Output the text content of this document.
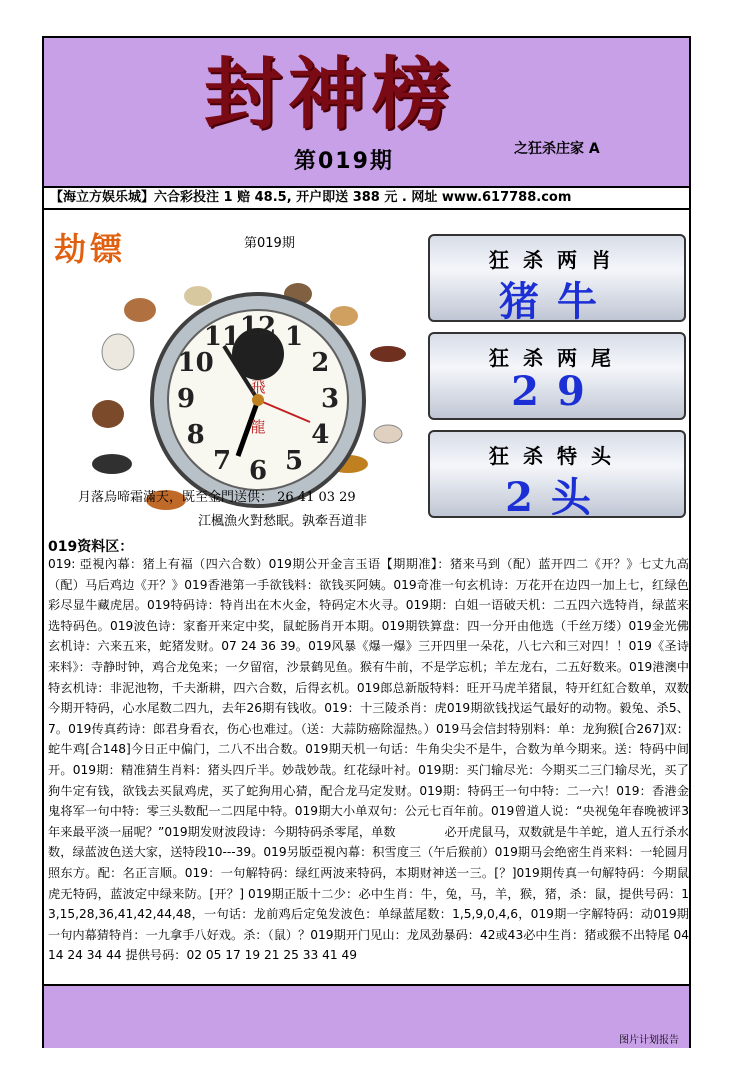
封神榜
第019期	之狂杀庄家 A
【海立方娱乐城】六合彩投注 1 赔 48.5, 开户即送 388 元 . 网址 www.617788.com
劫镖	第019期
12 1
2
3
4
5
6
7
8
9
10
11
飛
龍
月落烏啼霜滿天，既至金門送供： 26 41 03 29
江楓漁火對愁眠。孰牽吾道非
狂杀两肖
猪牛
狂杀两尾
29
狂杀特头
2头
019资料区：
019: 亞視內幕：猪上有福（四六合数）019期公开金言玉语【期期准】：猪来马到（配）蓝开四二《开？》七丈九高（配）马后鸡边《开？》019香港第一手欲钱料：欲钱买阿姨。019奇准一句玄机诗：万花开在边四一加上七，红绿色彩尽显牛藏虎居。019特码诗：特肖出在木火金，特码定木火寻。019期：白姐一语破天机：二五四六选特肖，绿蓝来选特码色。019波色诗：家畜开来定中奖，鼠蛇肠肖开本期。019期铁算盘：四一分开由他选（千丝万缕）019金光佛玄机诗：六来五来，蛇猪发财。07 24 36 39。019风暴《爆一爆》三开四里一朵花，八七六和三对四！！019《圣诗来料》：寺静时钟，鸡合龙兔来；一夕留宿，沙景鹤见鱼。猴有牛前，不是学忘机；羊左龙右，二五好数来。019港澳中特玄机诗：非泥池物，千夫渐耕，四六合数，后得玄机。019郎总新版特料：旺开马虎羊猪鼠，特开红紅合数单，双数　　　今期开特码，心水尾数二四九，去年26期有钱收。019：十三陵杀肖：虎019期欲钱找运气最好的动物。毅兔、杀5、7。019传真药诗：郎君身看衣，伤心也难过。（送：大蒜防癌除湿热。）019马会信封特别料：单：龙狗猴[合267]双：蛇牛鸡[合148]今日正中偏门，二八不出合数。019期天机一句话：牛角尖尖不是牛，合数为单今期来。送：特码中间开。019期：精准猜生肖料：猪头四斤半。妙哉妙哉。红花绿叶衬。019期：买门输尽光：今期买二三门输尽光，买了狗牛定有钱，欲钱去买鼠鸡虎，买了蛇狗用心猜，配合龙马定发财。019期：特码王一句中特：二一六！019：香港金鬼将军一句中特：零三头数配一二四尾中特。019期大小单双句：公元七百年前。019曾道人说：“央视兔年春晚被评3年来最平淡一届呢？”019期发财波段诗：今期特码杀零尾，单数　　　　必开虎鼠马，双数就是牛羊蛇，道人五行杀水数，绿蓝波色送大家，送特段10---39。019另版亞視內幕：积雪度三（午后猴前）019期马会绝密生肖来料：一轮圆月照东方。配：名正言顺。019：一句解特码：绿红两波来特码，本期财神送一三。[？]019期传真一句解特码：今期鼠虎无特码，蓝波定中绿来防。[开？] 019期正版十二少：必中生肖：牛，兔，马，羊，猴，猪，杀：鼠，提供号码：13,15,28,36,41,42,44,48，一句话：龙前鸡后定兔发波色：单绿蓝尾数：1,5,9,0,4,6，019期一字解特码：动019期一句内幕猜特肖：一九拿手八好戏。杀：（鼠）？019期开门见山：龙凤劲暴码：42或43必中生肖：猪或猴不出特尾 04 14 24 34 44 提供号码：02 05 17 19 21 25 33 41 49
图片计划报告
